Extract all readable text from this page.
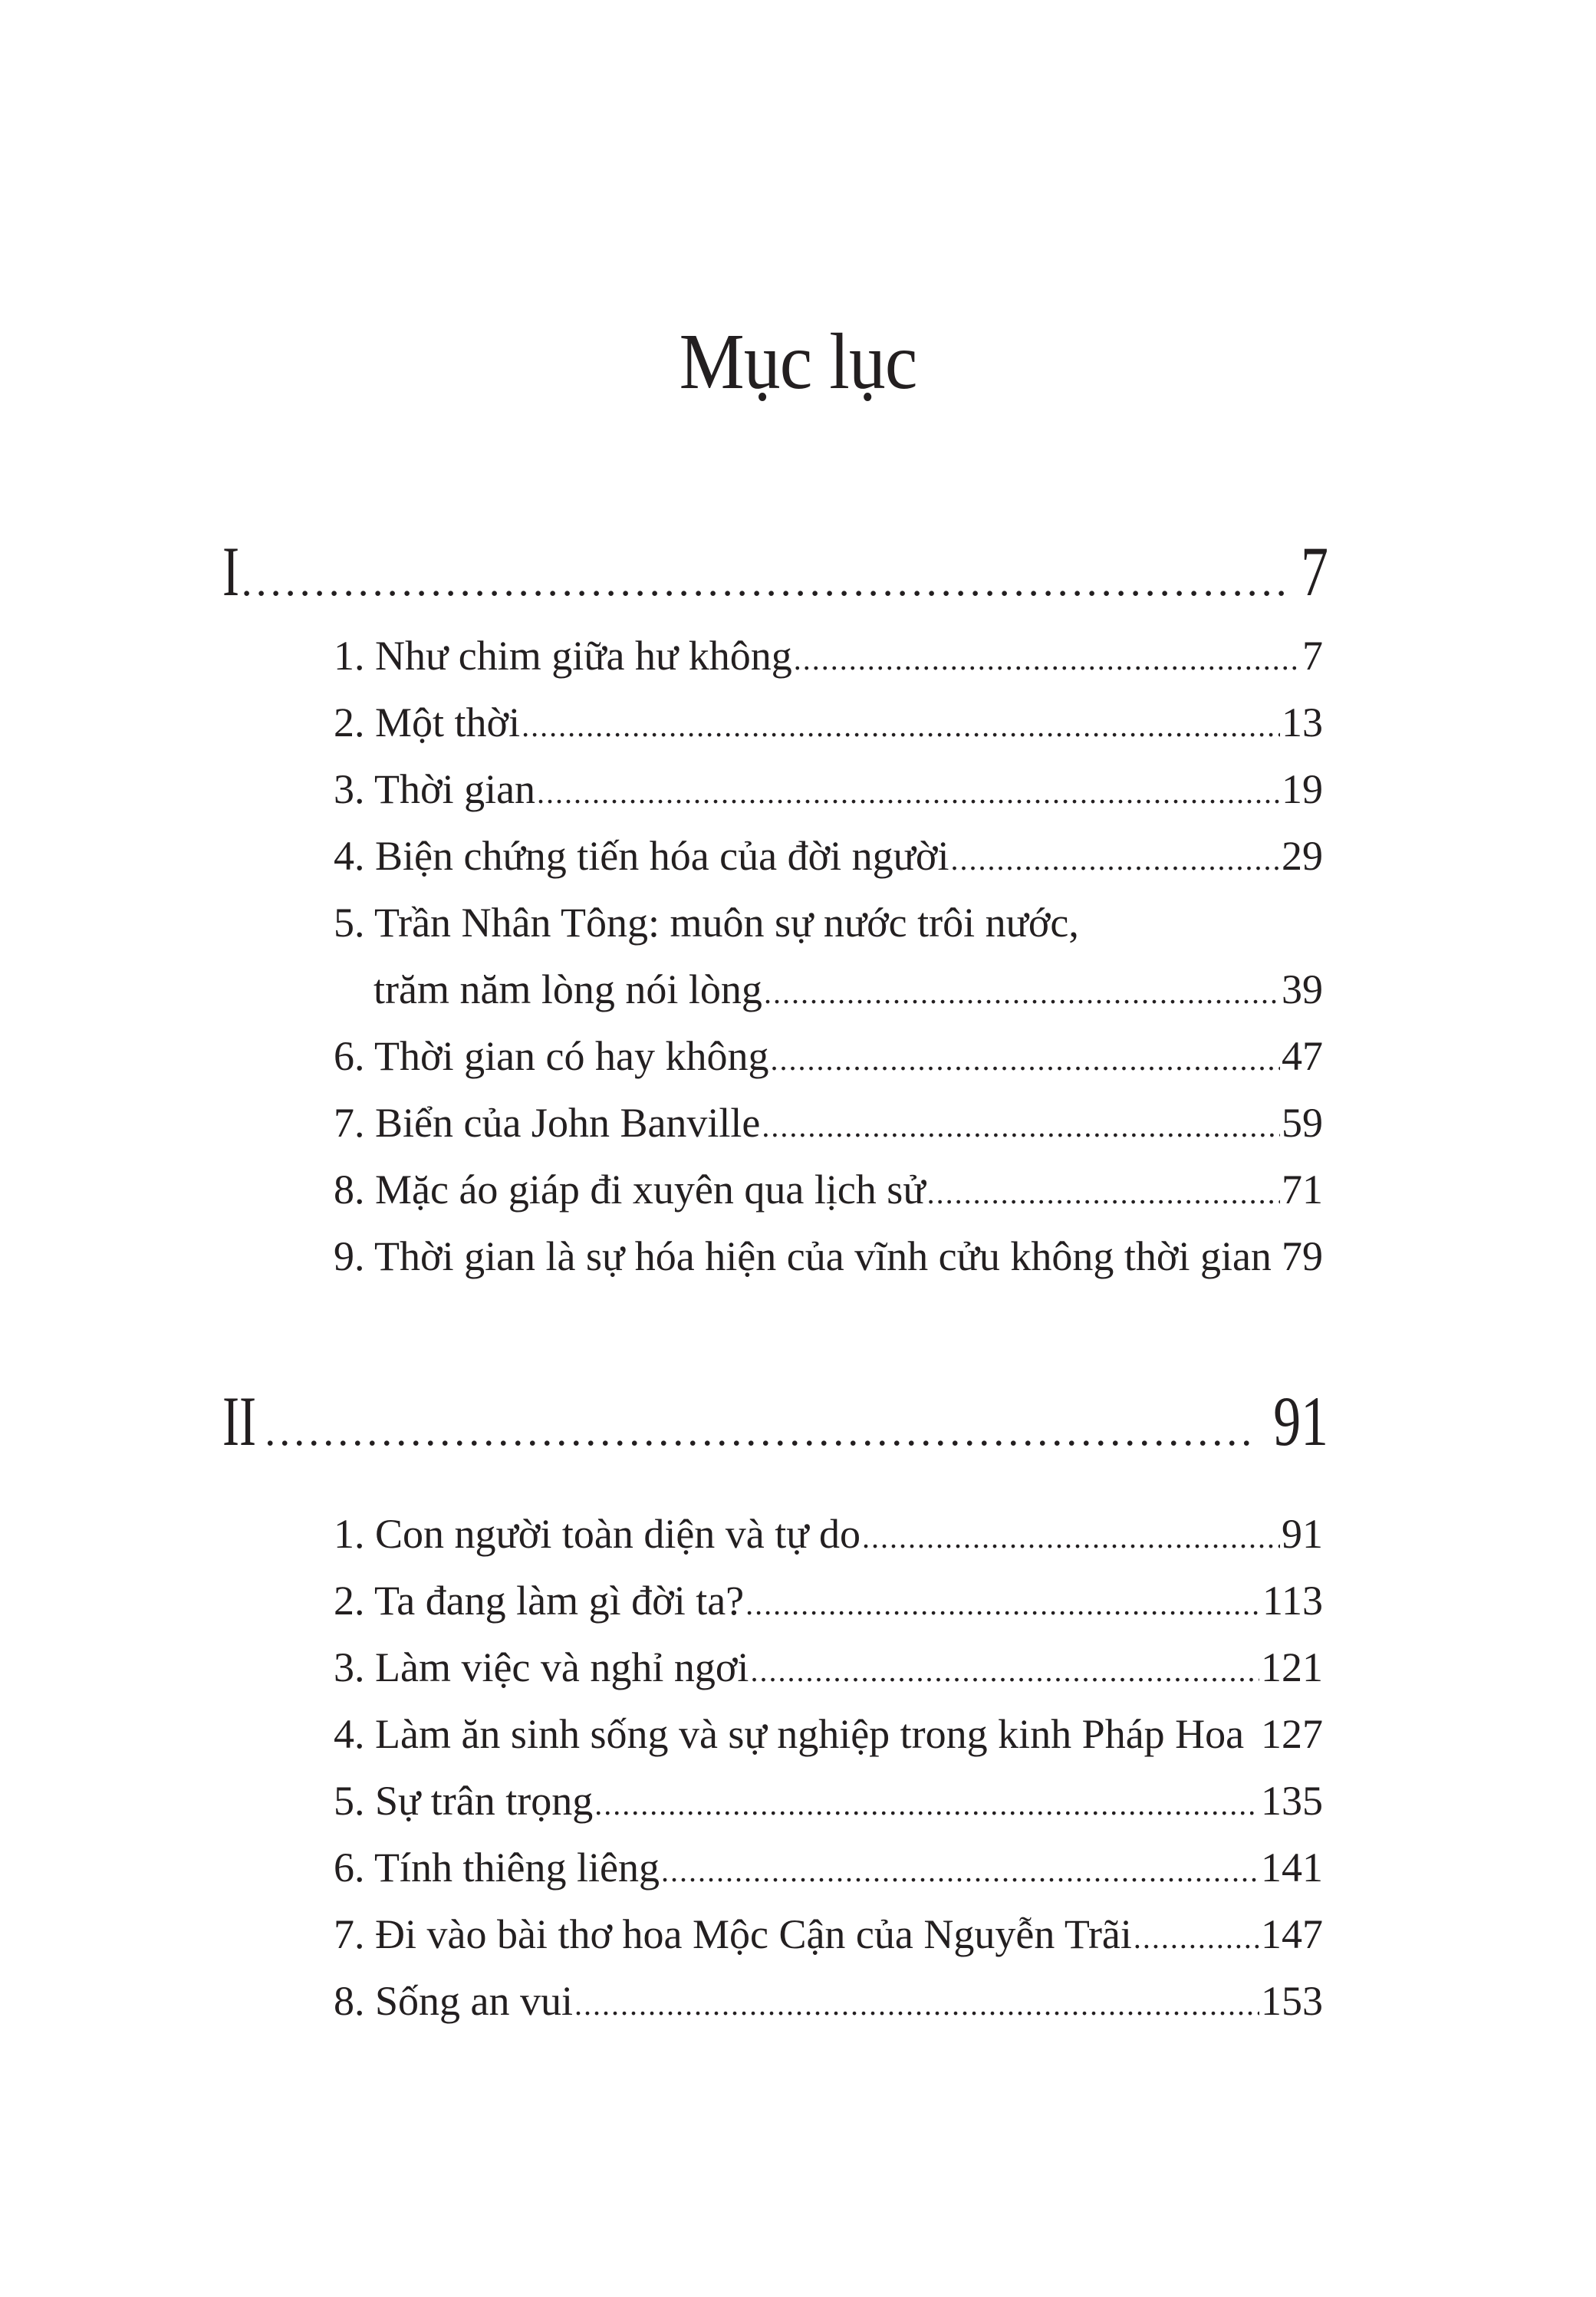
Mục lục
I .....	7
1. Như chim giữa hư không .....	7
2. Một thời .....	13
3. Thời gian .....	19
4. Biện chứng tiến hóa của đời người .....	29
5. Trần Nhân Tông: muôn sự nước trôi nước,
trăm năm lòng nói lòng .....	39
6. Thời gian có hay không .....	47
7. Biển của John Banville .....	59
8. Mặc áo giáp đi xuyên qua lịch sử .....	71
9. Thời gian là sự hóa hiện của vĩnh cửu không thời gian 79
II .....	91
1. Con người toàn diện và tự do .....	91
2. Ta đang làm gì đời ta? .....	113
3. Làm việc và nghỉ ngơi .....	121
4. Làm ăn sinh sống và sự nghiệp trong kinh Pháp Hoa 127
5. Sự trân trọng .....	135
6. Tính thiêng liêng .....	141
7. Đi vào bài thơ hoa Mộc Cận của Nguyễn Trãi .....	147
8. Sống an vui .....	153
